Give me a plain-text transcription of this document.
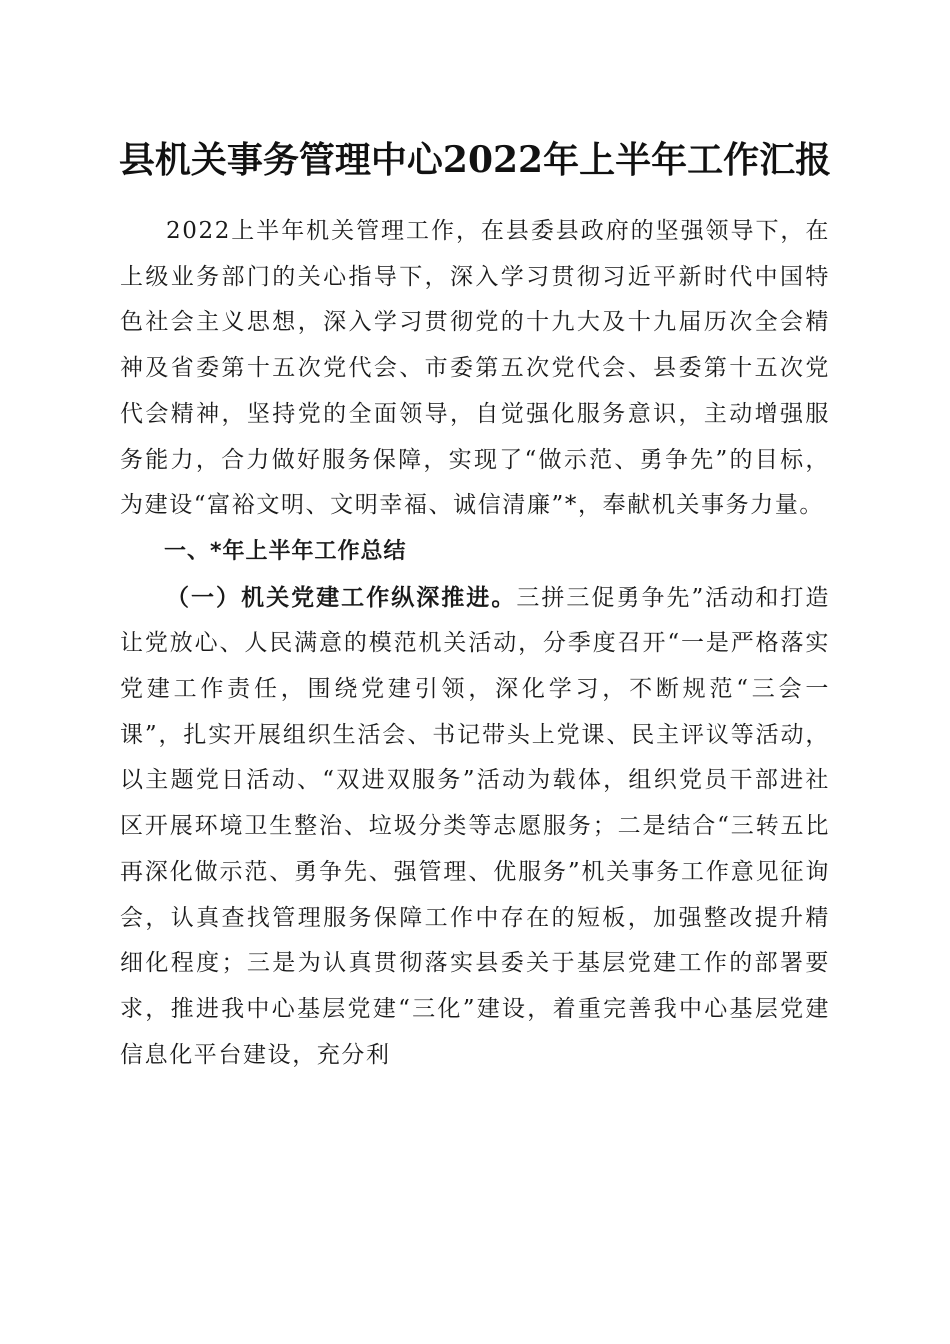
县机关事务管理中心2022年上半年工作汇报

2022上半年机关管理工作，在县委县政府的坚强领导下，在上级业务部门的关心指导下，深入学习贯彻习近平新时代中国特色社会主义思想，深入学习贯彻党的十九大及十九届历次全会精神及省委第十五次党代会、市委第五次党代会、县委第十五次党代会精神，坚持党的全面领导，自觉强化服务意识，主动增强服务能力，合力做好服务保障，实现了“做示范、勇争先”的目标，为建设“富裕文明、文明幸福、诚信清廉”*，奉献机关事务力量。

一、*年上半年工作总结

（一）机关党建工作纵深推进。三拼三促勇争先”活动和打造让党放心、人民满意的模范机关活动，分季度召开“一是严格落实党建工作责任，围绕党建引领，深化学习，不断规范“三会一课”，扎实开展组织生活会、书记带头上党课、民主评议等活动，以主题党日活动、“双进双服务”活动为载体，组织党员干部进社区开展环境卫生整治、垃圾分类等志愿服务；二是结合“三转五比再深化做示范、勇争先、强管理、优服务”机关事务工作意见征询会，认真查找管理服务保障工作中存在的短板，加强整改提升精细化程度；三是为认真贯彻落实县委关于基层党建工作的部署要求，推进我中心基层党建“三化”建设，着重完善我中心基层党建信息化平台建设，充分利
